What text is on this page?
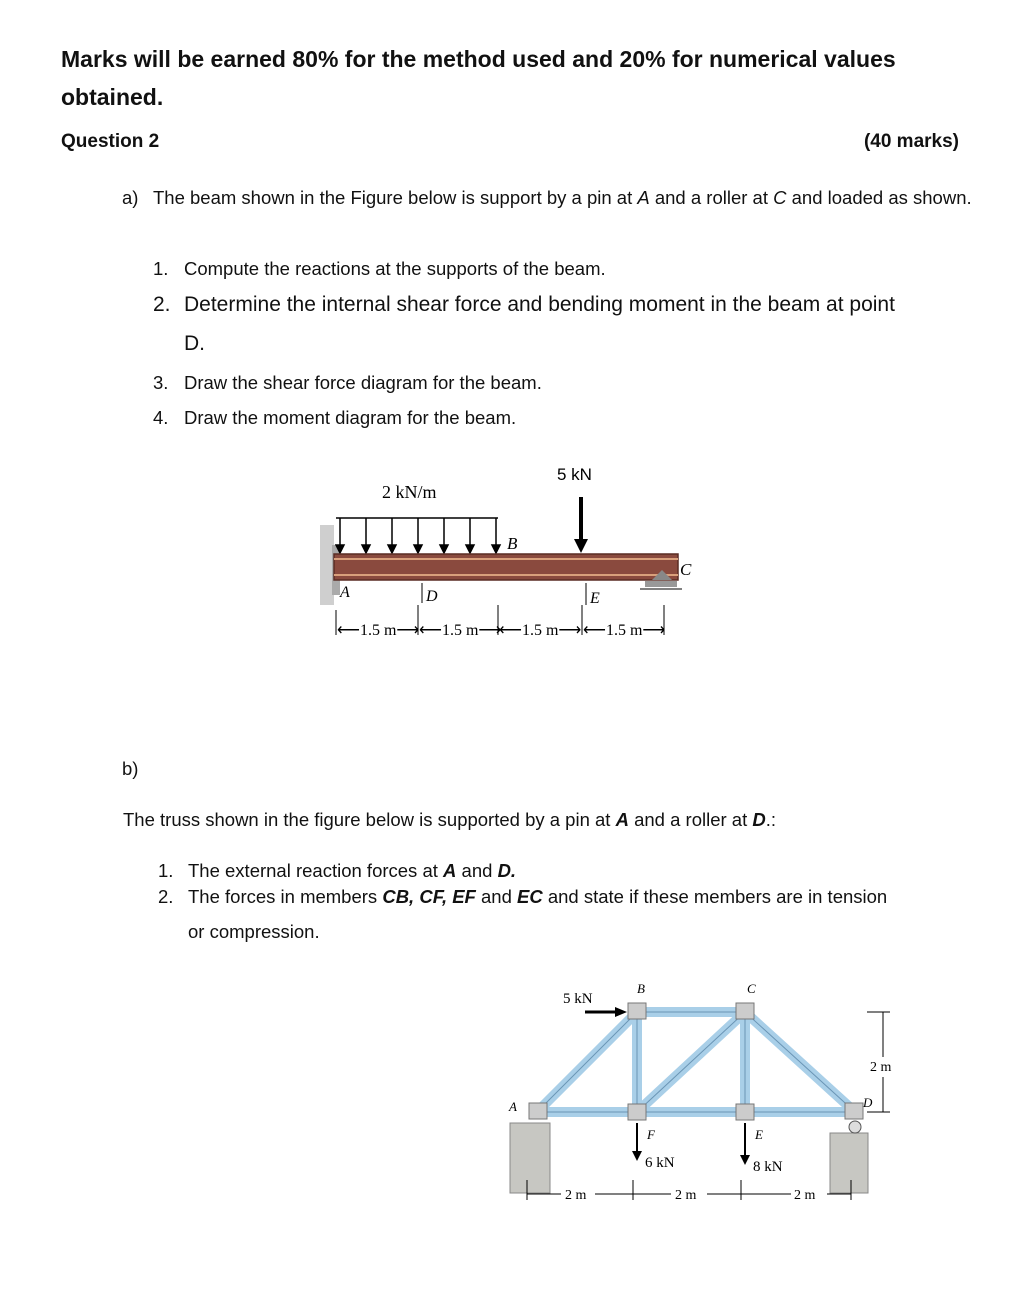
Marks will be earned 80% for the method used and 20% for numerical values obtained.
Question 2	(40 marks)
a) The beam shown in the Figure below is support by a pin at A and a roller at C and loaded as shown.
1. Compute the reactions at the supports of the beam.
2. Determine the internal shear force and bending moment in the beam at point
D.
3. Draw the shear force diagram for the beam.
4. Draw the moment diagram for the beam.
2 kN/m
5 kN
B
C
A	D	E
⟵1.5 m⟶ ⟵1.5 m⟶
⟵1.5 m⟶ ⟵1.5 m⟶
b)
The truss shown in the figure below is supported by a pin at A and a roller at D.:
1. The external reaction forces at A and D.
2. The forces in members CB, CF, EF and EC and state if these members are in tension
or compression.
A
B	C
D
E
F
5 kN
6 kN	8 kN
2 m
2 m	2 m	2 m
